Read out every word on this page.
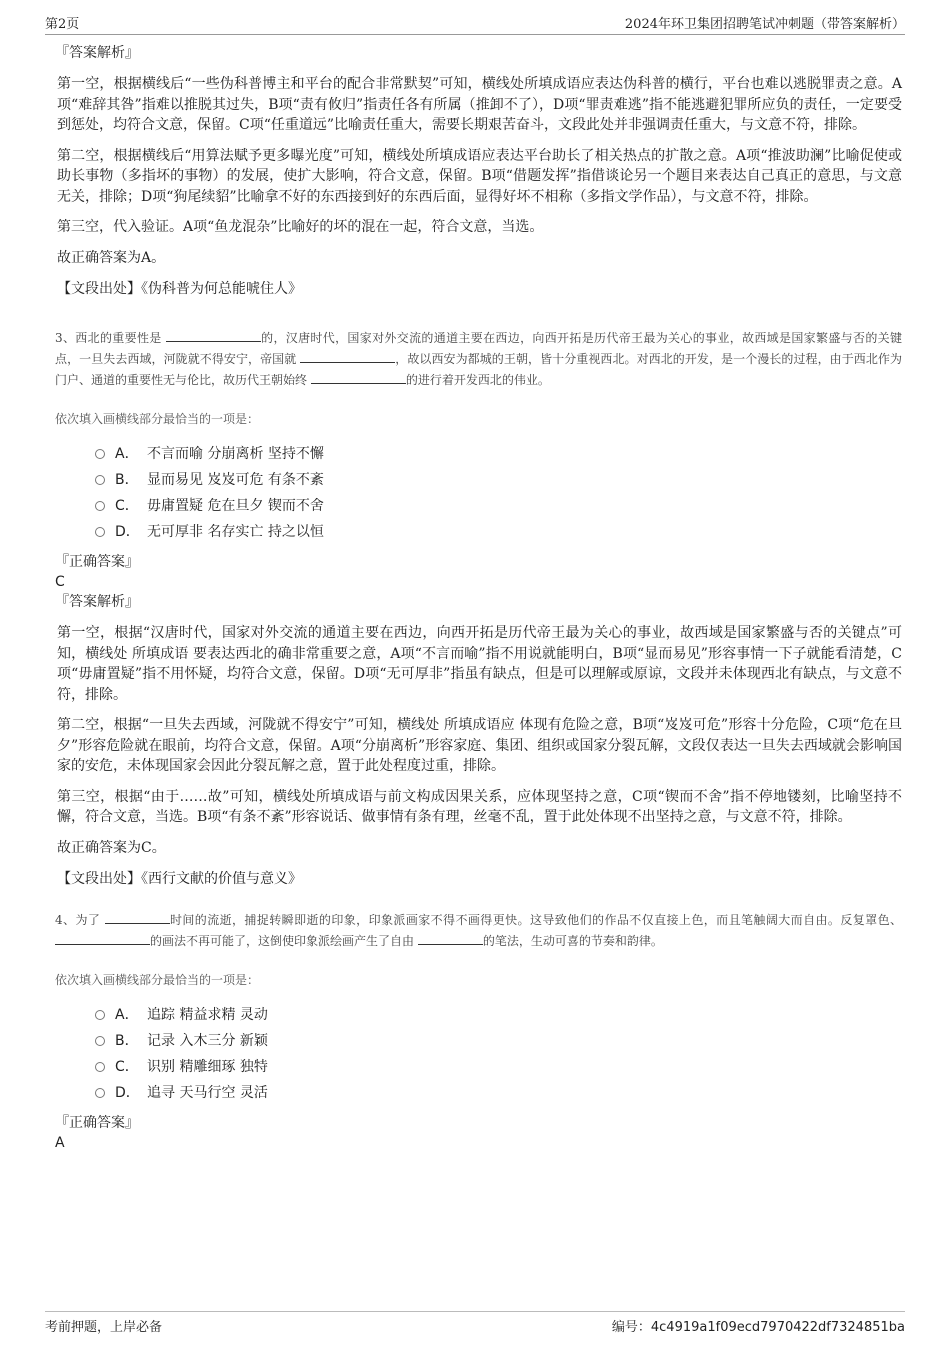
第2页	2024年环卫集团招聘笔试冲刺题（带答案解析）
『答案解析』

第一空，根据横线后“一些伪科普博主和平台的配合非常默契”可知，横线处所填成语应表达伪科普的横行，平台也难以逃脱罪责之意。A项“难辞其咎”指难以推脱其过失，B项“责有攸归”指责任各有所属（推卸不了），D项“罪责难逃”指不能逃避犯罪所应负的责任，一定要受到惩处，均符合文意，保留。C项“任重道远”比喻责任重大，需要长期艰苦奋斗，文段此处并非强调责任重大，与文意不符，排除。

第二空，根据横线后“用算法赋予更多曝光度”可知，横线处所填成语应表达平台助长了相关热点的扩散之意。A项“推波助澜”比喻促使或助长事物（多指坏的事物）的发展，使扩大影响，符合文意，保留。B项“借题发挥”指借谈论另一个题目来表达自己真正的意思，与文意无关，排除；D项“狗尾续貂”比喻拿不好的东西接到好的东西后面，显得好坏不相称（多指文学作品），与文意不符，排除。

第三空，代入验证。A项“鱼龙混杂”比喻好的坏的混在一起，符合文意，当选。

故正确答案为A。

【文段出处】《伪科普为何总能唬住人》

3、西北的重要性是	的，汉唐时代，国家对外交流的通道主要在西边，向西开拓是历代帝王最为关心的事业，故西域是国家繁盛与否的关键点，一旦失去西域，河陇就不得安宁，帝国就	，故以西安为都城的王朝，皆十分重视西北。对西北的开发，是一个漫长的过程，由于西北作为门户、通道的重要性无与伦比，故历代王朝始终	的进行着开发西北的伟业。

依次填入画横线部分最恰当的一项是：
A． 不言而喻 分崩离析 坚持不懈
B． 显而易见 岌岌可危 有条不紊
C． 毋庸置疑 危在旦夕 锲而不舍
D． 无可厚非 名存实亡 持之以恒
『正确答案』
C
『答案解析』

第一空，根据“汉唐时代，国家对外交流的通道主要在西边，向西开拓是历代帝王最为关心的事业，故西域是国家繁盛与否的关键点”可知，横线处 所填成语 要表达西北的确非常重要之意，A项“不言而喻”指不用说就能明白，B项“显而易见”形容事情一下子就能看清楚，C项“毋庸置疑”指不用怀疑，均符合文意，保留。D项“无可厚非”指虽有缺点，但是可以理解或原谅，文段并未体现西北有缺点，与文意不符，排除。

第二空，根据“一旦失去西域，河陇就不得安宁”可知，横线处 所填成语应 体现有危险之意，B项“岌岌可危”形容十分危险，C项“危在旦夕”形容危险就在眼前，均符合文意，保留。A项“分崩离析”形容家庭、集团、组织或国家分裂瓦解，文段仅表达一旦失去西域就会影响国家的安危，未体现国家会因此分裂瓦解之意，置于此处程度过重，排除。

第三空，根据“由于……故”可知，横线处所填成语与前文构成因果关系，应体现坚持之意，C项“锲而不舍”指不停地镂刻，比喻坚持不懈，符合文意，当选。B项“有条不紊”形容说话、做事情有条有理，丝毫不乱，置于此处体现不出坚持之意，与文意不符，排除。

故正确答案为C。

【文段出处】《西行文献的价值与意义》

4、为了	时间的流逝，捕捉转瞬即逝的印象，印象派画家不得不画得更快。这导致他们的作品不仅直接上色，而且笔触阔大而自由。反复罩色、 的画法不再可能了，这倒使印象派绘画产生了自由	的笔法，生动可喜的节奏和韵律。

依次填入画横线部分最恰当的一项是：
A． 追踪 精益求精 灵动
B． 记录 入木三分 新颖
C． 识别 精雕细琢 独特
D． 追寻 天马行空 灵活
『正确答案』
A
考前押题，上岸必备	编号：4c4919a1f09ecd7970422df7324851ba
